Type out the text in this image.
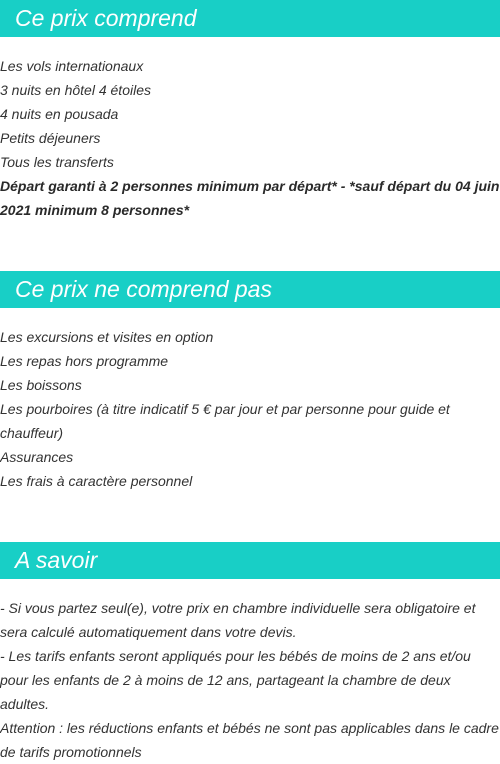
Ce prix comprend
Les vols internationaux
3 nuits en hôtel 4 étoiles
4 nuits en pousada
Petits déjeuners
Tous les transferts
Départ garanti à 2 personnes minimum par départ* - *sauf départ du 04 juin 2021 minimum 8 personnes*
Ce prix ne comprend pas
Les excursions et visites en option
Les repas hors programme
Les boissons
Les pourboires (à titre indicatif 5 € par jour et par personne pour guide et chauffeur)
Assurances
Les frais à caractère personnel
A savoir

- Si vous partez seul(e), votre prix en chambre individuelle sera obligatoire et sera calculé automatiquement dans votre devis.

- Les tarifs enfants seront appliqués pour les bébés de moins de 2 ans et/ou pour les enfants de 2 à moins de 12 ans, partageant la chambre de deux adultes.

Attention : les réductions enfants et bébés ne sont pas applicables dans le cadre de tarifs promotionnels
